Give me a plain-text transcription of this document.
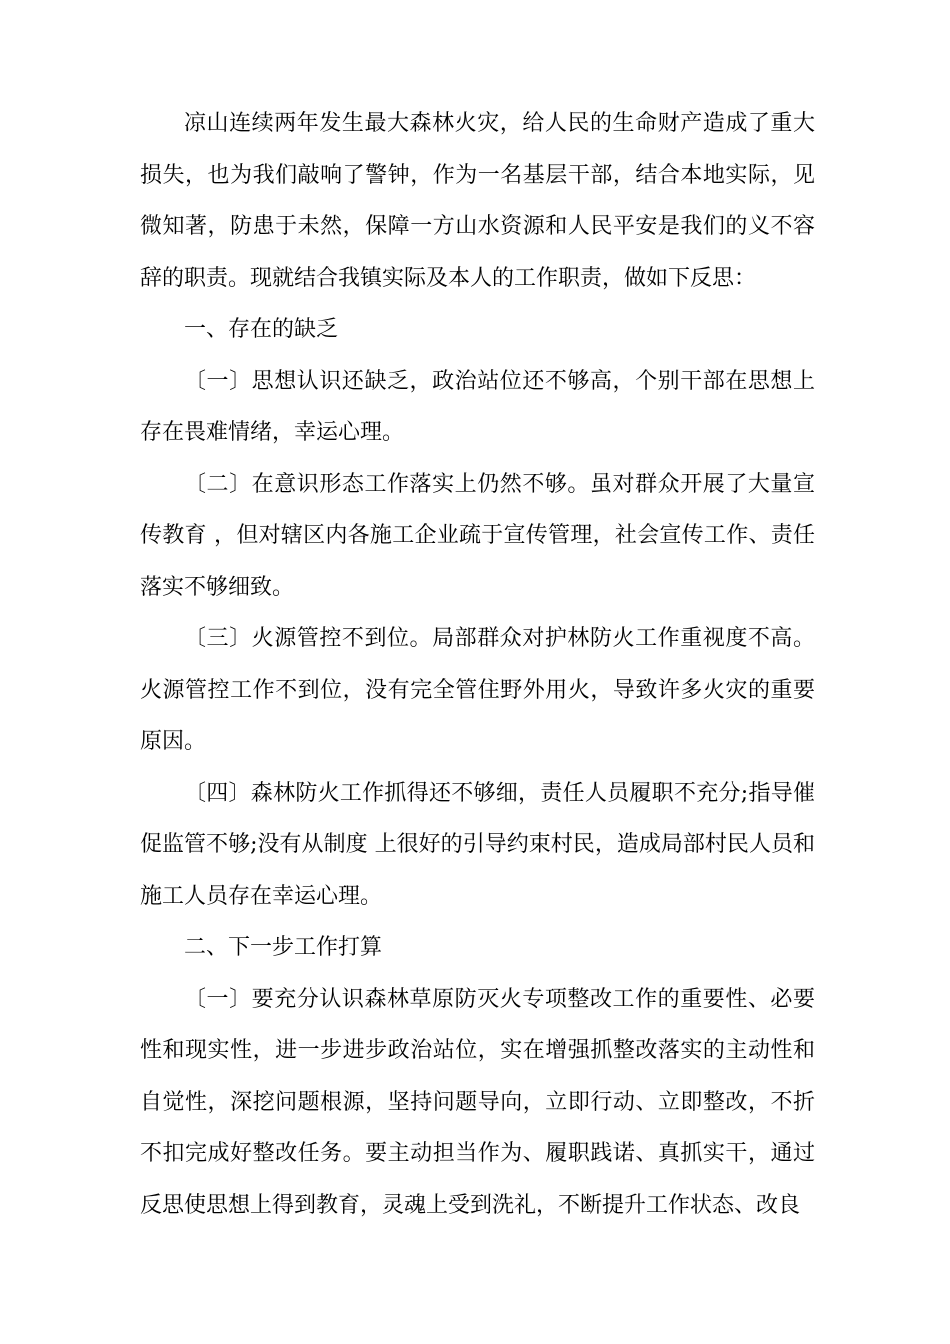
凉山连续两年发生最大森林火灾，给人民的生命财产造成了重大损失，也为我们敲响了警钟，作为一名基层干部，结合本地实际，见微知著，防患于未然，保障一方山水资源和人民平安是我们的义不容辞的职责。现就结合我镇实际及本人的工作职责，做如下反思：

一、存在的缺乏

〔一〕思想认识还缺乏，政治站位还不够高，个别干部在思想上存在畏难情绪，幸运心理。

〔二〕在意识形态工作落实上仍然不够。虽对群众开展了大量宣传教育 ，但对辖区内各施工企业疏于宣传管理，社会宣传工作、责任落实不够细致。

〔三〕火源管控不到位。局部群众对护林防火工作重视度不高。火源管控工作不到位，没有完全管住野外用火，导致许多火灾的重要原因。

〔四〕森林防火工作抓得还不够细，责任人员履职不充分;指导催促监管不够;没有从制度 上很好的引导约束村民，造成局部村民人员和施工人员存在幸运心理。

二、下一步工作打算

〔一〕要充分认识森林草原防灭火专项整改工作的重要性、必要性和现实性，进一步进步政治站位，实在增强抓整改落实的主动性和自觉性，深挖问题根源，坚持问题导向，立即行动、立即整改，不折不扣完成好整改任务。要主动担当作为、履职践诺、真抓实干，通过反思使思想上得到教育，灵魂上受到洗礼，不断提升工作状态、改良
